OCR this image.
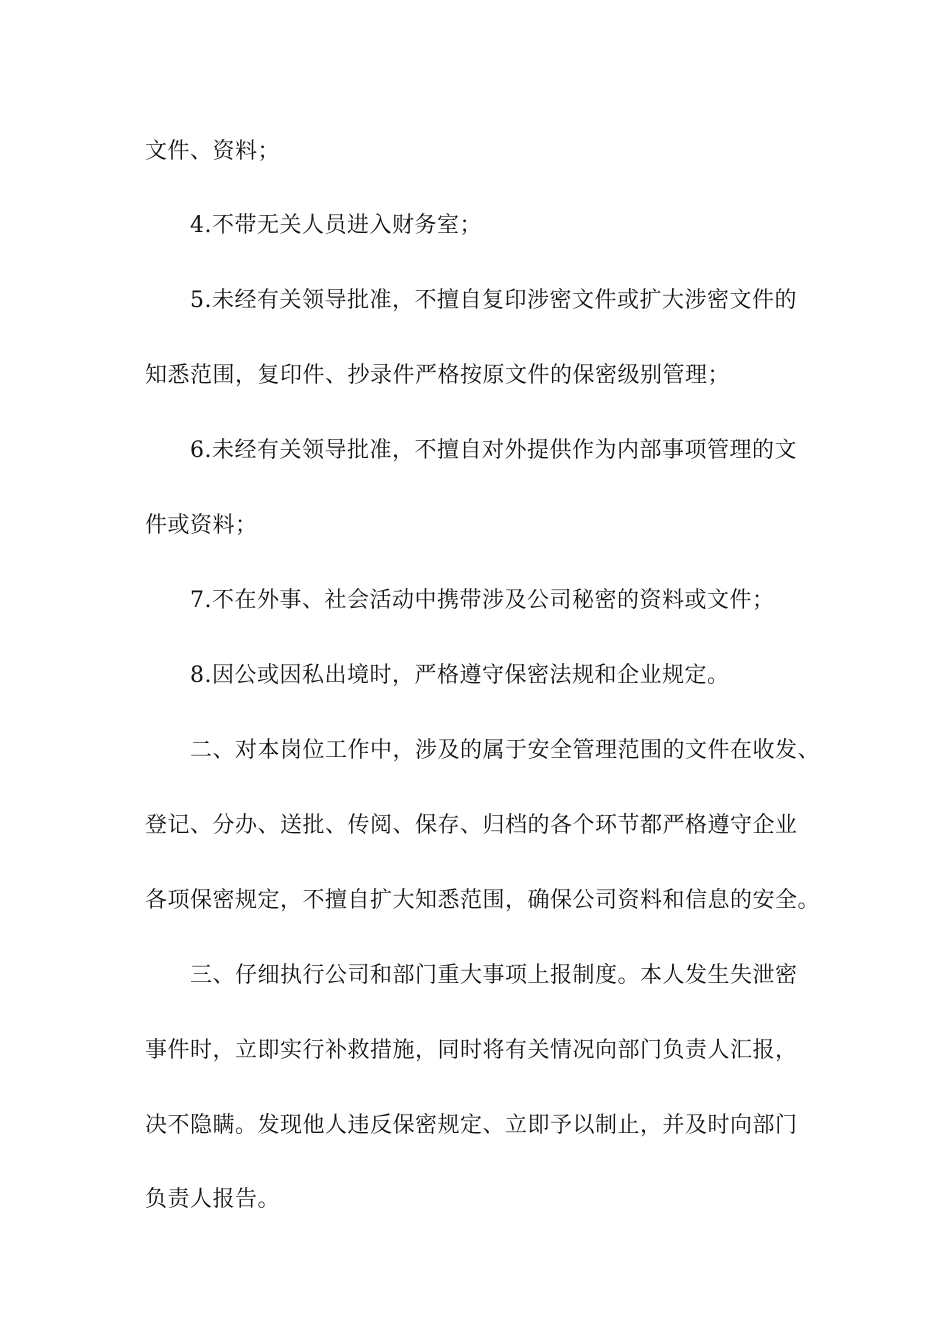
文件、资料；
4.不带无关人员进入财务室；
5.未经有关领导批准，不擅自复印涉密文件或扩大涉密文件的
知悉范围，复印件、抄录件严格按原文件的保密级别管理；
6.未经有关领导批准，不擅自对外提供作为内部事项管理的文
件或资料；
7.不在外事、社会活动中携带涉及公司秘密的资料或文件；
8.因公或因私出境时，严格遵守保密法规和企业规定。
二、对本岗位工作中，涉及的属于安全管理范围的文件在收发、
登记、分办、送批、传阅、保存、归档的各个环节都严格遵守企业
各项保密规定，不擅自扩大知悉范围，确保公司资料和信息的安全。
三、仔细执行公司和部门重大事项上报制度。本人发生失泄密
事件时，立即实行补救措施，同时将有关情况向部门负责人汇报，
决不隐瞒。发现他人违反保密规定、立即予以制止，并及时向部门
负责人报告。
